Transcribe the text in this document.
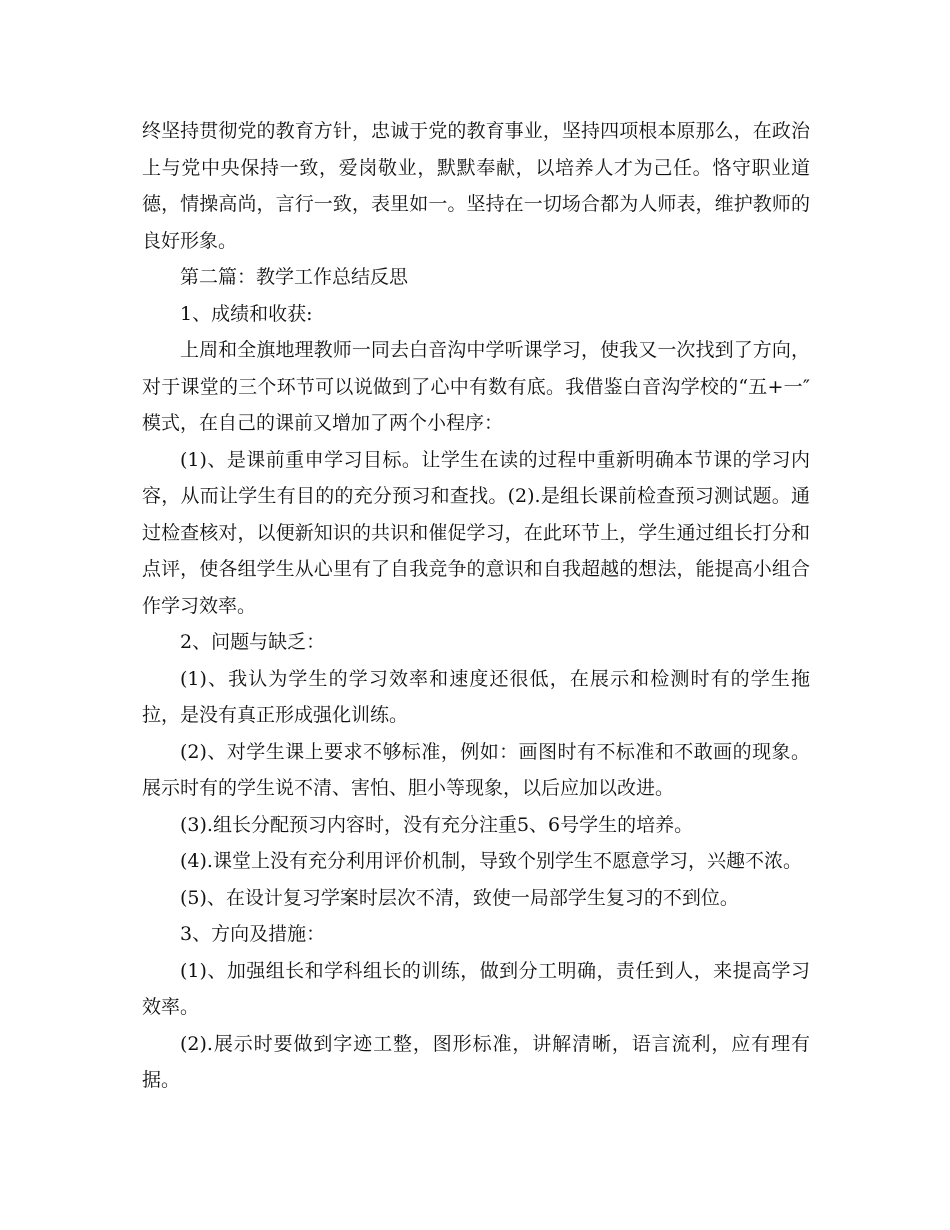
终坚持贯彻党的教育方针，忠诚于党的教育事业，坚持四项根本原那么，在政治上与党中央保持一致，爱岗敬业，默默奉献，以培养人才为己任。恪守职业道德，情操高尚，言行一致，表里如一。坚持在一切场合都为人师表，维护教师的良好形象。

第二篇：教学工作总结反思

1、成绩和收获:

上周和全旗地理教师一同去白音沟中学听课学习，使我又一次找到了方向，对于课堂的三个环节可以说做到了心中有数有底。我借鉴白音沟学校的“五+一″模式，在自己的课前又增加了两个小程序：

(1)、是课前重申学习目标。让学生在读的过程中重新明确本节课的学习内容，从而让学生有目的的充分预习和查找。(2).是组长课前检查预习测试题。通过检查核对，以便新知识的共识和催促学习，在此环节上，学生通过组长打分和点评，使各组学生从心里有了自我竞争的意识和自我超越的想法，能提高小组合作学习效率。

2、问题与缺乏：

(1)、我认为学生的学习效率和速度还很低，在展示和检测时有的学生拖拉，是没有真正形成强化训练。

(2)、对学生课上要求不够标准，例如：画图时有不标准和不敢画的现象。展示时有的学生说不清、害怕、胆小等现象，以后应加以改进。

(3).组长分配预习内容时，没有充分注重5、6号学生的培养。

(4).课堂上没有充分利用评价机制，导致个别学生不愿意学习，兴趣不浓。

(5)、在设计复习学案时层次不清，致使一局部学生复习的不到位。

3、方向及措施：

(1)、加强组长和学科组长的训练，做到分工明确，责任到人，来提高学习效率。

(2).展示时要做到字迹工整，图形标准，讲解清晰，语言流利，应有理有据。
